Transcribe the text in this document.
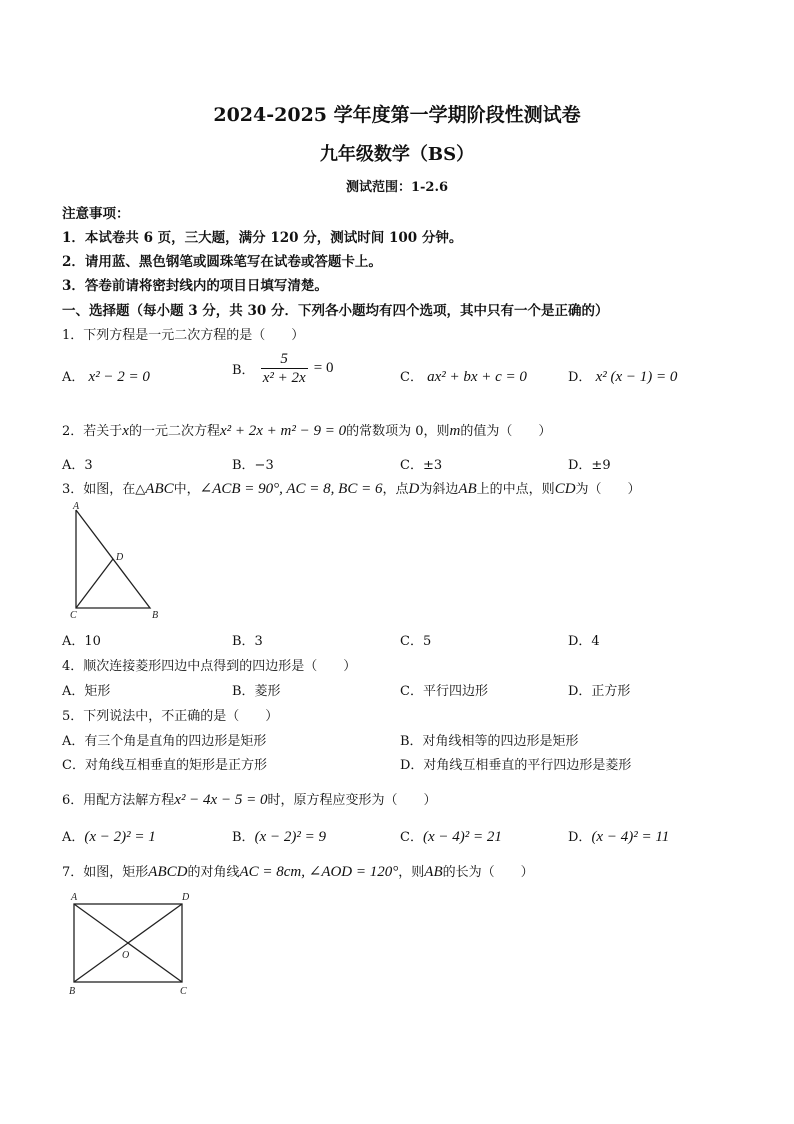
2024-2025 学年度第一学期阶段性测试卷
九年级数学（BS）
测试范围：1-2.6
注意事项：
1．本试卷共 6 页，三大题，满分 120 分，测试时间 100 分钟。
2．请用蓝、黑色钢笔或圆珠笔写在试卷或答题卡上。
3．答卷前请将密封线内的项目日填写清楚。
一、选择题（每小题 3 分，共 30 分．下列各小题均有四个选项，其中只有一个是正确的）
1．下列方程是一元二次方程的是（　　）
A． x² − 2 = 0	B． $\frac{5}{\text{x² + 2x}} = 0$
C． ax² + bx + c = 0	D． x² (x − 1) = 0
2．若关于x的一元二次方程x² + 2x + m² − 9 = 0的常数项为 0，则m的值为（　　）
A．3	B．−3	C．±3	D．±9
3．如图，在△ABC中，∠ACB = 90°, AC = 8, BC = 6，点D为斜边AB上的中点，则CD为（　　）
A
D
C	B
A．10	B．3	C．5	D．4
4．顺次连接菱形四边中点得到的四边形是（　　）
A．矩形	B．菱形	C．平行四边形	D．正方形
5．下列说法中，不正确的是（　　）
A．有三个角是直角的四边形是矩形	B．对角线相等的四边形是矩形
C．对角线互相垂直的矩形是正方形	D．对角线互相垂直的平行四边形是菱形
6．用配方法解方程x² − 4x − 5 = 0时，原方程应变形为（　　）
A．(x − 2)² = 1	B．(x − 2)² = 9	C．(x − 4)² = 21	D．(x − 4)² = 11
7．如图，矩形ABCD的对角线AC = 8cm, ∠AOD = 120°，则AB的长为（　　）
A	D
O
B	C
